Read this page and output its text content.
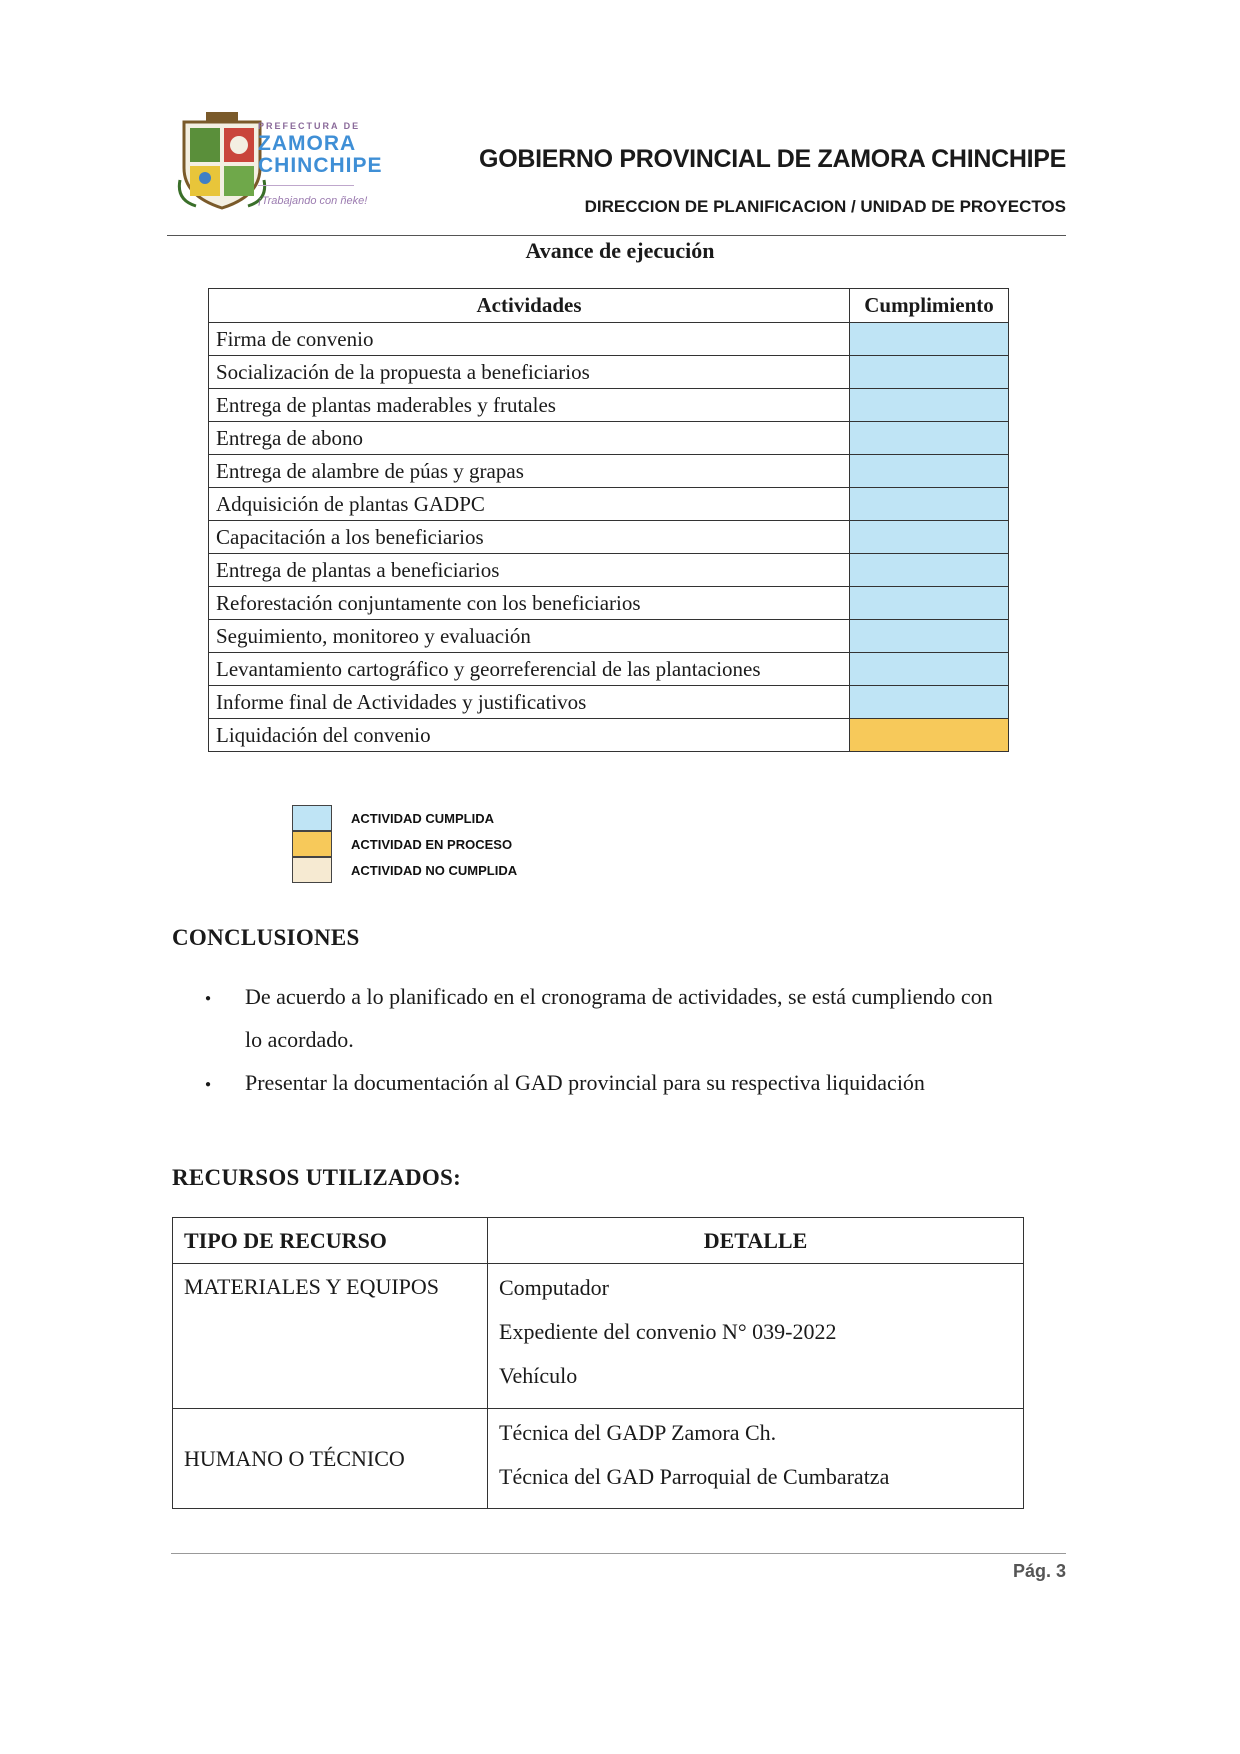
PREFECTURA DE
ZAMORA
CHINCHIPE
¡Trabajando con ñeke!
GOBIERNO PROVINCIAL DE ZAMORA CHINCHIPE
DIRECCION DE PLANIFICACION / UNIDAD DE PROYECTOS
Avance de ejecución
Actividades	Cumplimiento
Firma de convenio	
Socialización de la propuesta a beneficiarios	
Entrega de plantas maderables y frutales	
Entrega de abono	
Entrega de alambre de púas y grapas	
Adquisición de plantas GADPC	
Capacitación a los beneficiarios	
Entrega de plantas a beneficiarios	
Reforestación conjuntamente con los beneficiarios	
Seguimiento, monitoreo y evaluación	
Levantamiento cartográfico y georreferencial de las plantaciones	
Informe final de Actividades y justificativos	
Liquidación del convenio	
ACTIVIDAD CUMPLIDA
ACTIVIDAD EN PROCESO
ACTIVIDAD NO CUMPLIDA
CONCLUSIONES
● De acuerdo a lo planificado en el cronograma de actividades, se está cumpliendo con
lo acordado.
● Presentar la documentación al GAD provincial para su respectiva liquidación
RECURSOS UTILIZADOS:
TIPO DE RECURSO	DETALLE
MATERIALES Y EQUIPOS	Computador
Expediente del convenio N° 039-2022
Vehículo

HUMANO O TÉCNICO	Técnica del GADP Zamora Ch.
Técnica del GAD Parroquial de Cumbaratza
Pág. 3
